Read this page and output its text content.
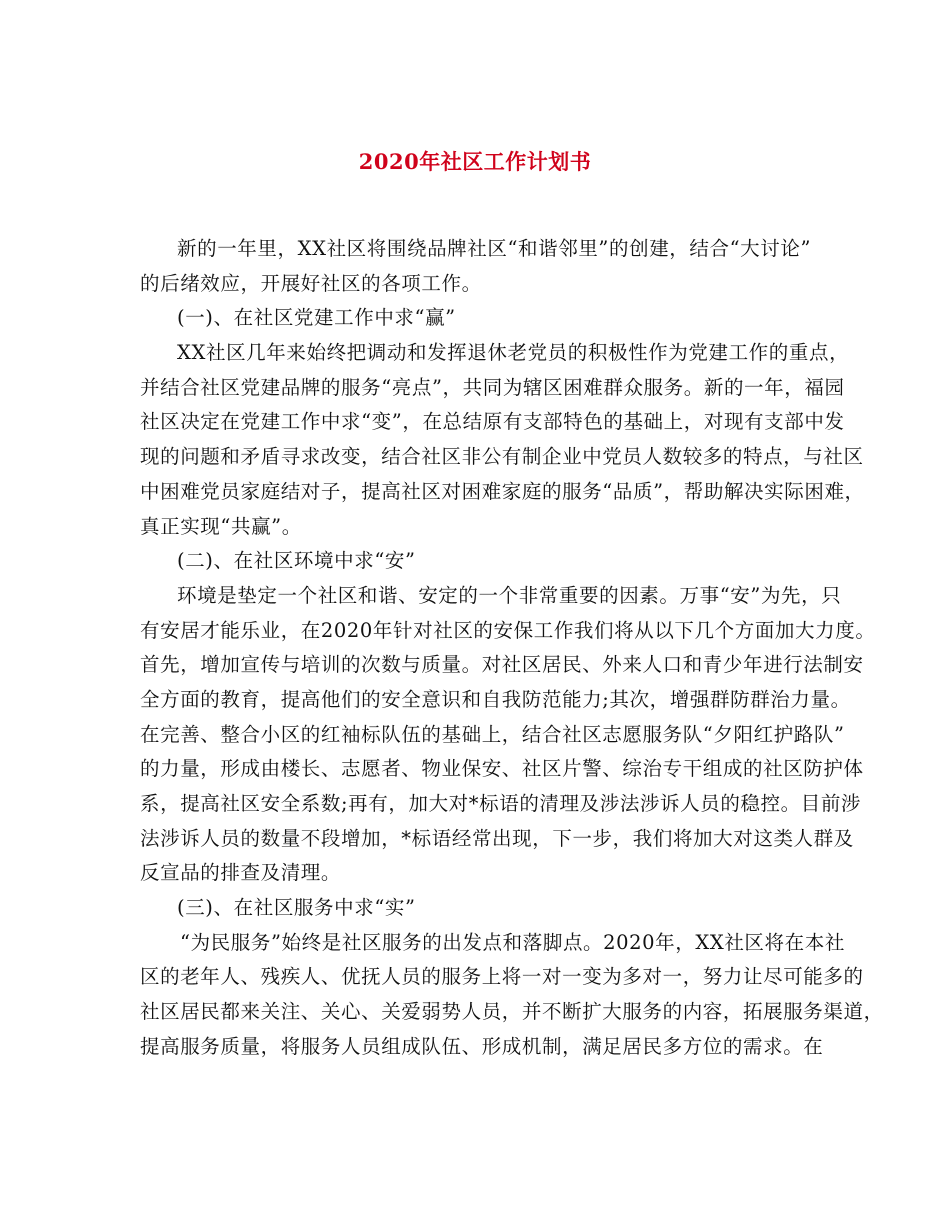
2020年社区工作计划书
新的一年里，XX社区将围绕品牌社区“和谐邻里”的创建，结合“大讨论”
的后绪效应，开展好社区的各项工作。
(一)、在社区党建工作中求“赢”
XX社区几年来始终把调动和发挥退休老党员的积极性作为党建工作的重点，
并结合社区党建品牌的服务“亮点”，共同为辖区困难群众服务。新的一年，福园
社区决定在党建工作中求“变”，在总结原有支部特色的基础上，对现有支部中发
现的问题和矛盾寻求改变，结合社区非公有制企业中党员人数较多的特点，与社区
中困难党员家庭结对子，提高社区对困难家庭的服务“品质”，帮助解决实际困难，
真正实现“共赢”。
(二)、在社区环境中求“安”
环境是垫定一个社区和谐、安定的一个非常重要的因素。万事“安”为先，只
有安居才能乐业，在2020年针对社区的安保工作我们将从以下几个方面加大力度。
首先，增加宣传与培训的次数与质量。对社区居民、外来人口和青少年进行法制安
全方面的教育，提高他们的安全意识和自我防范能力;其次，增强群防群治力量。
在完善、整合小区的红袖标队伍的基础上，结合社区志愿服务队“夕阳红护路队”
的力量，形成由楼长、志愿者、物业保安、社区片警、综治专干组成的社区防护体
系，提高社区安全系数;再有，加大对*标语的清理及涉法涉诉人员的稳控。目前涉
法涉诉人员的数量不段增加，*标语经常出现，下一步，我们将加大对这类人群及
反宣品的排查及清理。
(三)、在社区服务中求“实”
“为民服务”始终是社区服务的出发点和落脚点。2020年，XX社区将在本社
区的老年人、残疾人、优抚人员的服务上将一对一变为多对一，努力让尽可能多的
社区居民都来关注、关心、关爱弱势人员，并不断扩大服务的内容，拓展服务渠道，
提高服务质量，将服务人员组成队伍、形成机制，满足居民多方位的需求。在
